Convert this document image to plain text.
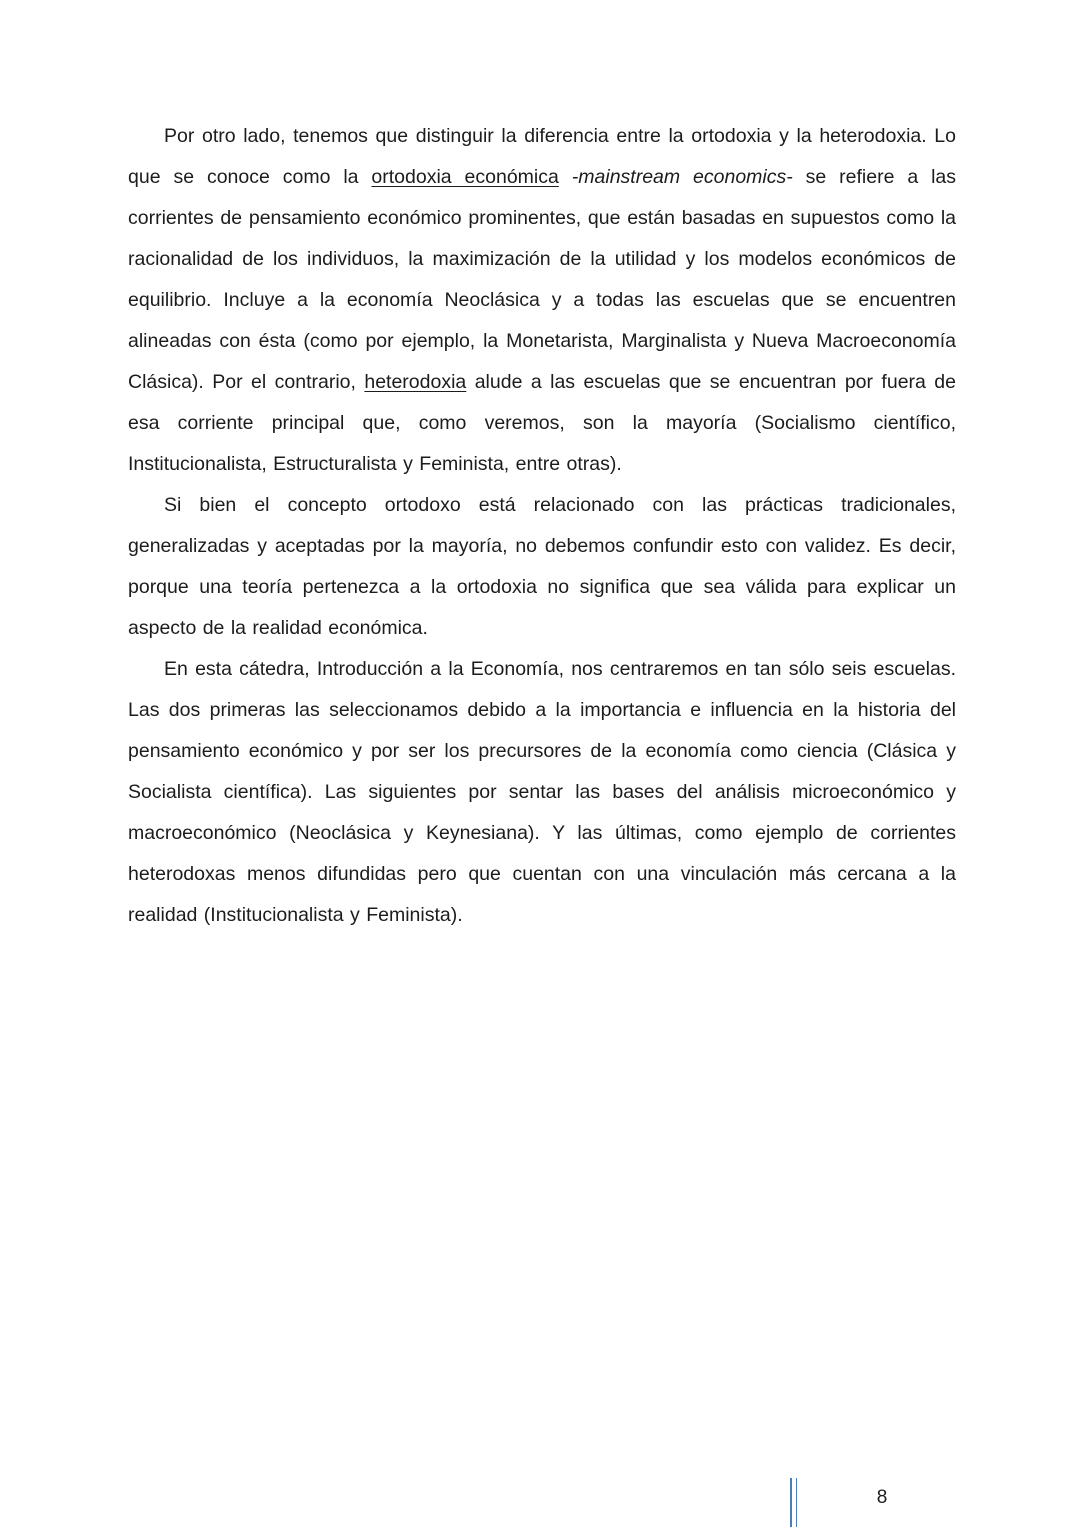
Por otro lado, tenemos que distinguir la diferencia entre la ortodoxia y la heterodoxia. Lo que se conoce como la ortodoxia económica -mainstream economics- se refiere a las corrientes de pensamiento económico prominentes, que están basadas en supuestos como la racionalidad de los individuos, la maximización de la utilidad y los modelos económicos de equilibrio. Incluye a la economía Neoclásica y a todas las escuelas que se encuentren alineadas con ésta (como por ejemplo, la Monetarista, Marginalista y Nueva Macroeconomía Clásica). Por el contrario, heterodoxia alude a las escuelas que se encuentran por fuera de esa corriente principal que, como veremos, son la mayoría (Socialismo científico, Institucionalista, Estructuralista y Feminista, entre otras).

Si bien el concepto ortodoxo está relacionado con las prácticas tradicionales, generalizadas y aceptadas por la mayoría, no debemos confundir esto con validez. Es decir, porque una teoría pertenezca a la ortodoxia no significa que sea válida para explicar un aspecto de la realidad económica.

En esta cátedra, Introducción a la Economía, nos centraremos en tan sólo seis escuelas. Las dos primeras las seleccionamos debido a la importancia e influencia en la historia del pensamiento económico y por ser los precursores de la economía como ciencia (Clásica y Socialista científica). Las siguientes por sentar las bases del análisis microeconómico y macroeconómico (Neoclásica y Keynesiana). Y las últimas, como ejemplo de corrientes heterodoxas menos difundidas pero que cuentan con una vinculación más cercana a la realidad (Institucionalista y Feminista).

8
